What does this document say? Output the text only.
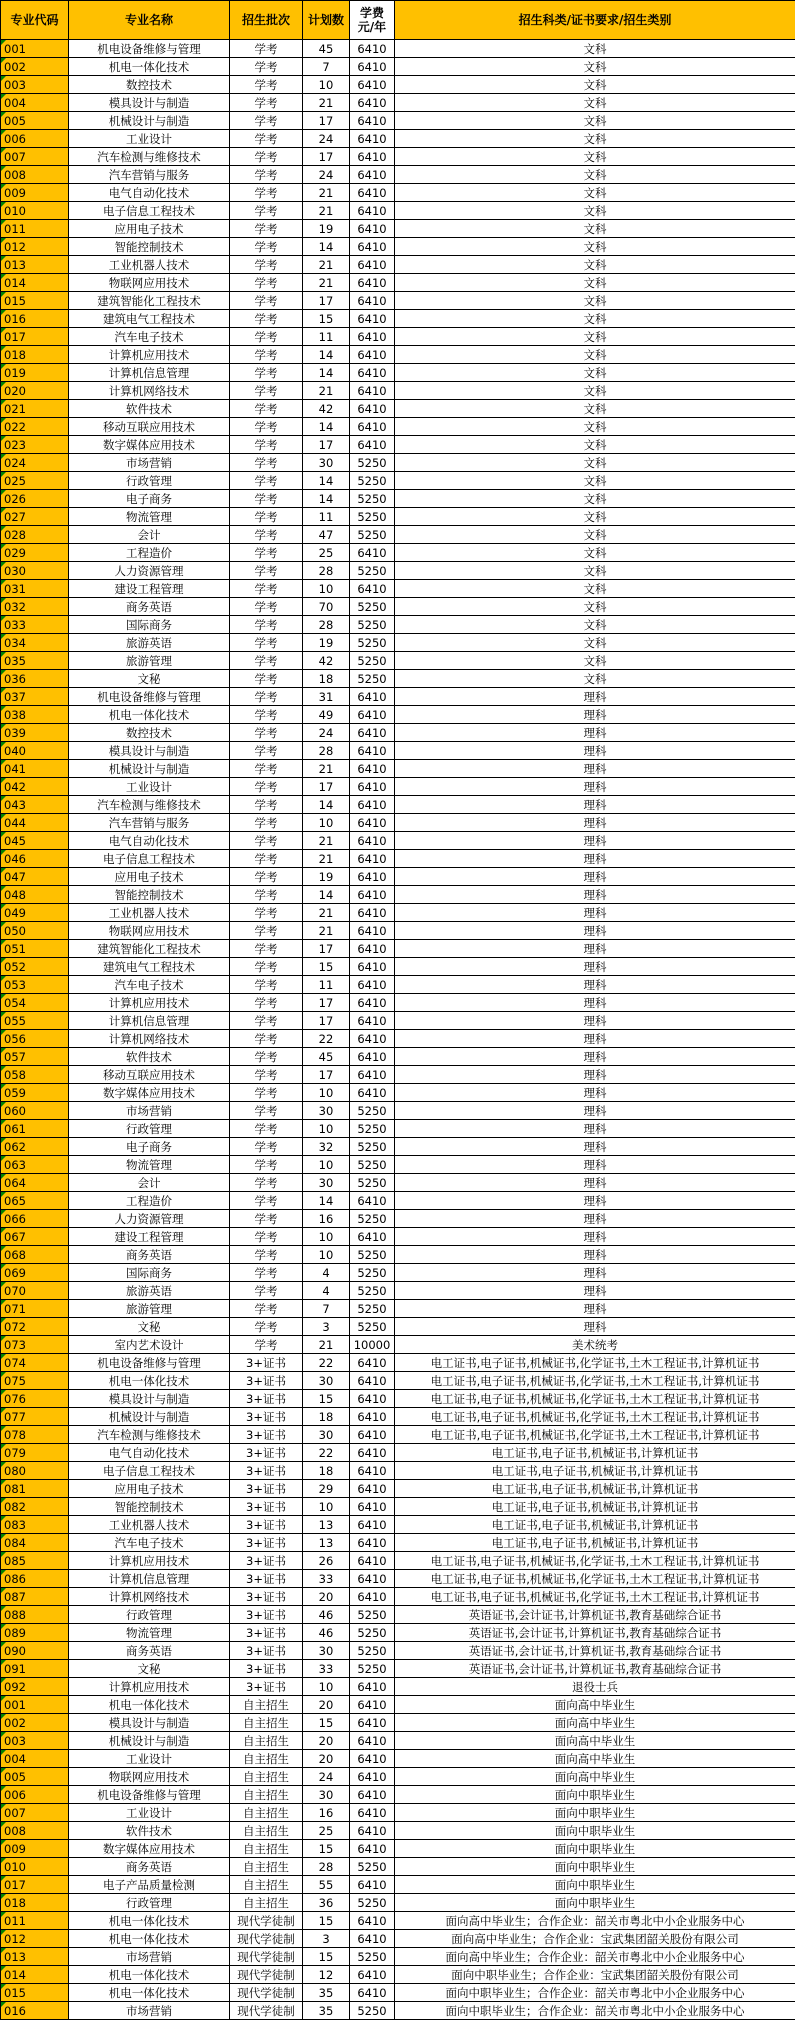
专业代码	专业名称	招生批次	计划数	学费 元/年	招生科类/证书要求/招生类别
001	机电设备维修与管理	学考	45	6410	文科
002	机电一体化技术	学考	7	6410	文科
003	数控技术	学考	10	6410	文科
004	模具设计与制造	学考	21	6410	文科
005	机械设计与制造	学考	17	6410	文科
006	工业设计	学考	24	6410	文科
007	汽车检测与维修技术	学考	17	6410	文科
008	汽车营销与服务	学考	24	6410	文科
009	电气自动化技术	学考	21	6410	文科
010	电子信息工程技术	学考	21	6410	文科
011	应用电子技术	学考	19	6410	文科
012	智能控制技术	学考	14	6410	文科
013	工业机器人技术	学考	21	6410	文科
014	物联网应用技术	学考	21	6410	文科
015	建筑智能化工程技术	学考	17	6410	文科
016	建筑电气工程技术	学考	15	6410	文科
017	汽车电子技术	学考	11	6410	文科
018	计算机应用技术	学考	14	6410	文科
019	计算机信息管理	学考	14	6410	文科
020	计算机网络技术	学考	21	6410	文科
021	软件技术	学考	42	6410	文科
022	移动互联应用技术	学考	14	6410	文科
023	数字媒体应用技术	学考	17	6410	文科
024	市场营销	学考	30	5250	文科
025	行政管理	学考	14	5250	文科
026	电子商务	学考	14	5250	文科
027	物流管理	学考	11	5250	文科
028	会计	学考	47	5250	文科
029	工程造价	学考	25	6410	文科
030	人力资源管理	学考	28	5250	文科
031	建设工程管理	学考	10	6410	文科
032	商务英语	学考	70	5250	文科
033	国际商务	学考	28	5250	文科
034	旅游英语	学考	19	5250	文科
035	旅游管理	学考	42	5250	文科
036	文秘	学考	18	5250	文科
037	机电设备维修与管理	学考	31	6410	理科
038	机电一体化技术	学考	49	6410	理科
039	数控技术	学考	24	6410	理科
040	模具设计与制造	学考	28	6410	理科
041	机械设计与制造	学考	21	6410	理科
042	工业设计	学考	17	6410	理科
043	汽车检测与维修技术	学考	14	6410	理科
044	汽车营销与服务	学考	10	6410	理科
045	电气自动化技术	学考	21	6410	理科
046	电子信息工程技术	学考	21	6410	理科
047	应用电子技术	学考	19	6410	理科
048	智能控制技术	学考	14	6410	理科
049	工业机器人技术	学考	21	6410	理科
050	物联网应用技术	学考	21	6410	理科
051	建筑智能化工程技术	学考	17	6410	理科
052	建筑电气工程技术	学考	15	6410	理科
053	汽车电子技术	学考	11	6410	理科
054	计算机应用技术	学考	17	6410	理科
055	计算机信息管理	学考	17	6410	理科
056	计算机网络技术	学考	22	6410	理科
057	软件技术	学考	45	6410	理科
058	移动互联应用技术	学考	17	6410	理科
059	数字媒体应用技术	学考	10	6410	理科
060	市场营销	学考	30	5250	理科
061	行政管理	学考	10	5250	理科
062	电子商务	学考	32	5250	理科
063	物流管理	学考	10	5250	理科
064	会计	学考	30	5250	理科
065	工程造价	学考	14	6410	理科
066	人力资源管理	学考	16	5250	理科
067	建设工程管理	学考	10	6410	理科
068	商务英语	学考	10	5250	理科
069	国际商务	学考	4	5250	理科
070	旅游英语	学考	4	5250	理科
071	旅游管理	学考	7	5250	理科
072	文秘	学考	3	5250	理科
073	室内艺术设计	学考	21	10000	美术统考
074	机电设备维修与管理	3+证书	22	6410	电工证书,电子证书,机械证书,化学证书,土木工程证书,计算机证书
075	机电一体化技术	3+证书	30	6410	电工证书,电子证书,机械证书,化学证书,土木工程证书,计算机证书
076	模具设计与制造	3+证书	15	6410	电工证书,电子证书,机械证书,化学证书,土木工程证书,计算机证书
077	机械设计与制造	3+证书	18	6410	电工证书,电子证书,机械证书,化学证书,土木工程证书,计算机证书
078	汽车检测与维修技术	3+证书	30	6410	电工证书,电子证书,机械证书,化学证书,土木工程证书,计算机证书
079	电气自动化技术	3+证书	22	6410	电工证书,电子证书,机械证书,计算机证书
080	电子信息工程技术	3+证书	18	6410	电工证书,电子证书,机械证书,计算机证书
081	应用电子技术	3+证书	29	6410	电工证书,电子证书,机械证书,计算机证书
082	智能控制技术	3+证书	10	6410	电工证书,电子证书,机械证书,计算机证书
083	工业机器人技术	3+证书	13	6410	电工证书,电子证书,机械证书,计算机证书
084	汽车电子技术	3+证书	13	6410	电工证书,电子证书,机械证书,计算机证书
085	计算机应用技术	3+证书	26	6410	电工证书,电子证书,机械证书,化学证书,土木工程证书,计算机证书
086	计算机信息管理	3+证书	33	6410	电工证书,电子证书,机械证书,化学证书,土木工程证书,计算机证书
087	计算机网络技术	3+证书	20	6410	电工证书,电子证书,机械证书,化学证书,土木工程证书,计算机证书
088	行政管理	3+证书	46	5250	英语证书,会计证书,计算机证书,教育基础综合证书
089	物流管理	3+证书	46	5250	英语证书,会计证书,计算机证书,教育基础综合证书
090	商务英语	3+证书	30	5250	英语证书,会计证书,计算机证书,教育基础综合证书
091	文秘	3+证书	33	5250	英语证书,会计证书,计算机证书,教育基础综合证书
092	计算机应用技术	3+证书	10	6410	退役士兵
001	机电一体化技术	自主招生	20	6410	面向高中毕业生
002	模具设计与制造	自主招生	15	6410	面向高中毕业生
003	机械设计与制造	自主招生	20	6410	面向高中毕业生
004	工业设计	自主招生	20	6410	面向高中毕业生
005	物联网应用技术	自主招生	24	6410	面向高中毕业生
006	机电设备维修与管理	自主招生	30	6410	面向中职毕业生
007	工业设计	自主招生	16	6410	面向中职毕业生
008	软件技术	自主招生	25	6410	面向中职毕业生
009	数字媒体应用技术	自主招生	15	6410	面向中职毕业生
010	商务英语	自主招生	28	5250	面向中职毕业生
017	电子产品质量检测	自主招生	55	6410	面向中职毕业生
018	行政管理	自主招生	36	5250	面向中职毕业生
011	机电一体化技术	现代学徒制	15	6410	面向高中毕业生；合作企业：韶关市粤北中小企业服务中心
012	机电一体化技术	现代学徒制	3	6410	面向高中毕业生；合作企业：宝武集团韶关股份有限公司
013	市场营销	现代学徒制	15	5250	面向高中毕业生；合作企业：韶关市粤北中小企业服务中心
014	机电一体化技术	现代学徒制	12	6410	面向中职毕业生；合作企业：宝武集团韶关股份有限公司
015	机电一体化技术	现代学徒制	35	6410	面向中职毕业生；合作企业：韶关市粤北中小企业服务中心
016	市场营销	现代学徒制	35	5250	面向中职毕业生；合作企业：韶关市粤北中小企业服务中心
